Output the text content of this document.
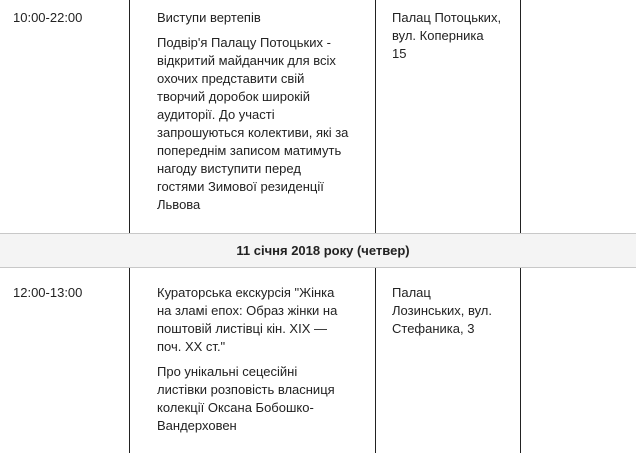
10:00-22:00	Виступи вертепів
Подвір'я Палацу Потоцьких -
відкритий майданчик для всіх
охочих представити свій
творчий доробок широкій
аудиторії. До участі
запрошуються колективи, які за
попереднім записом матимуть
нагоду виступити перед
гостями Зимової резиденції
Львова
Палац Потоцьких,
вул. Коперника
15
11 січня 2018 року (четвер)
12:00-13:00	Кураторська екскурсія "Жінка
на зламі епох: Образ жінки на
поштовій листівці кін. XIX —
поч. XX ст."
Про унікальні сецесійні
листівки розповість власниця
колекції Оксана Бобошко-
Вандерховен
Палац
Лозинських, вул.
Стефаника, 3
